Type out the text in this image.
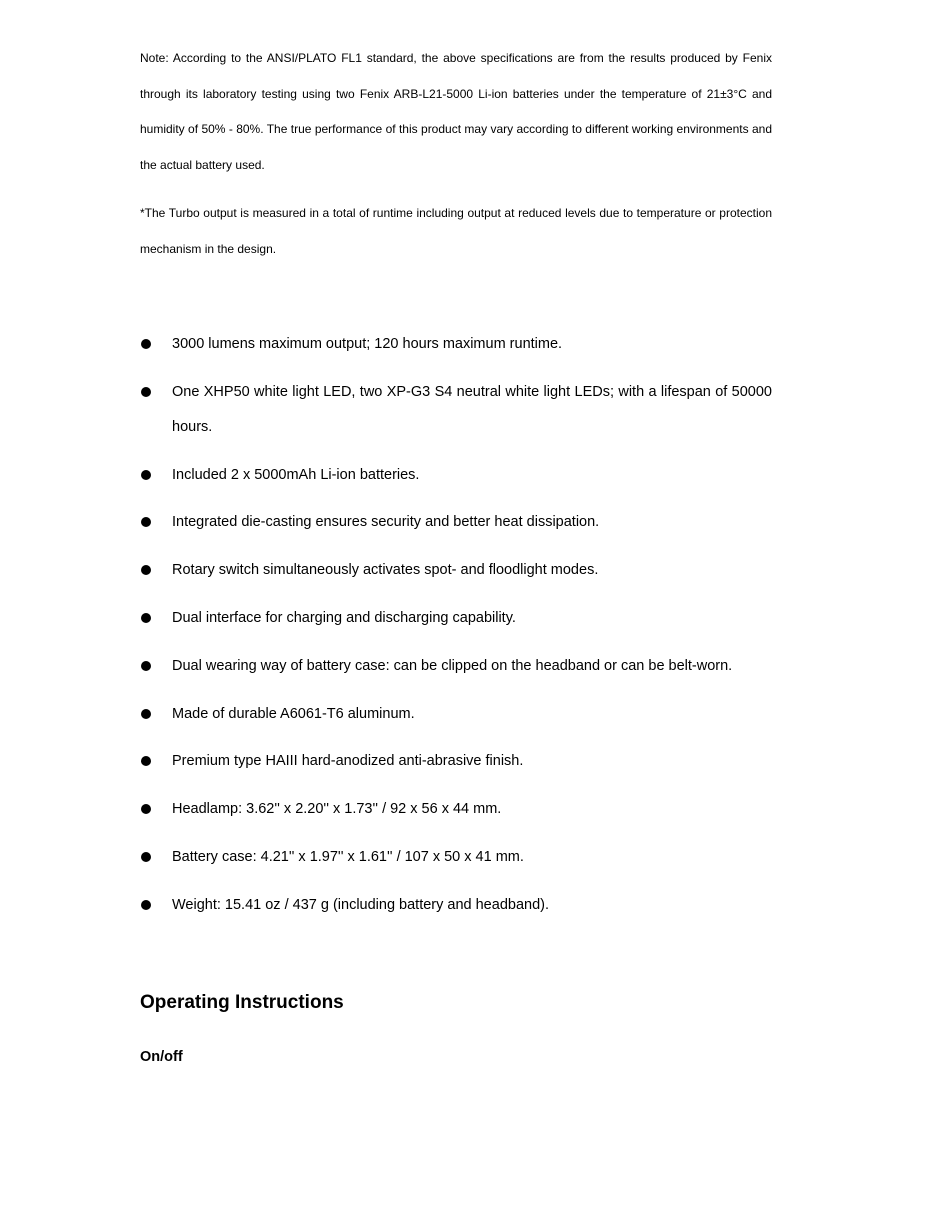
Note: According to the ANSI/PLATO FL1 standard, the above specifications are from the results produced by Fenix through its laboratory testing using two Fenix ARB-L21-5000 Li-ion batteries under the temperature of 21±3°C and humidity of 50% - 80%. The true performance of this product may vary according to different working environments and the actual battery used.

*The Turbo output is measured in a total of runtime including output at reduced levels due to temperature or protection mechanism in the design.

3000 lumens maximum output; 120 hours maximum runtime.
One XHP50 white light LED, two XP-G3 S4 neutral white light LEDs; with a lifespan of 50000 hours.
Included 2 x 5000mAh Li-ion batteries.
Integrated die-casting ensures security and better heat dissipation.
Rotary switch simultaneously activates spot- and floodlight modes.
Dual interface for charging and discharging capability.
Dual wearing way of battery case: can be clipped on the headband or can be belt-worn.
Made of durable A6061-T6 aluminum.
Premium type HAIII hard-anodized anti-abrasive finish.
Headlamp: 3.62'' x 2.20'' x 1.73'' / 92 x 56 x 44 mm.
Battery case: 4.21'' x 1.97'' x 1.61'' / 107 x 50 x 41 mm.
Weight: 15.41 oz / 437 g (including battery and headband).
Operating Instructions
On/off
